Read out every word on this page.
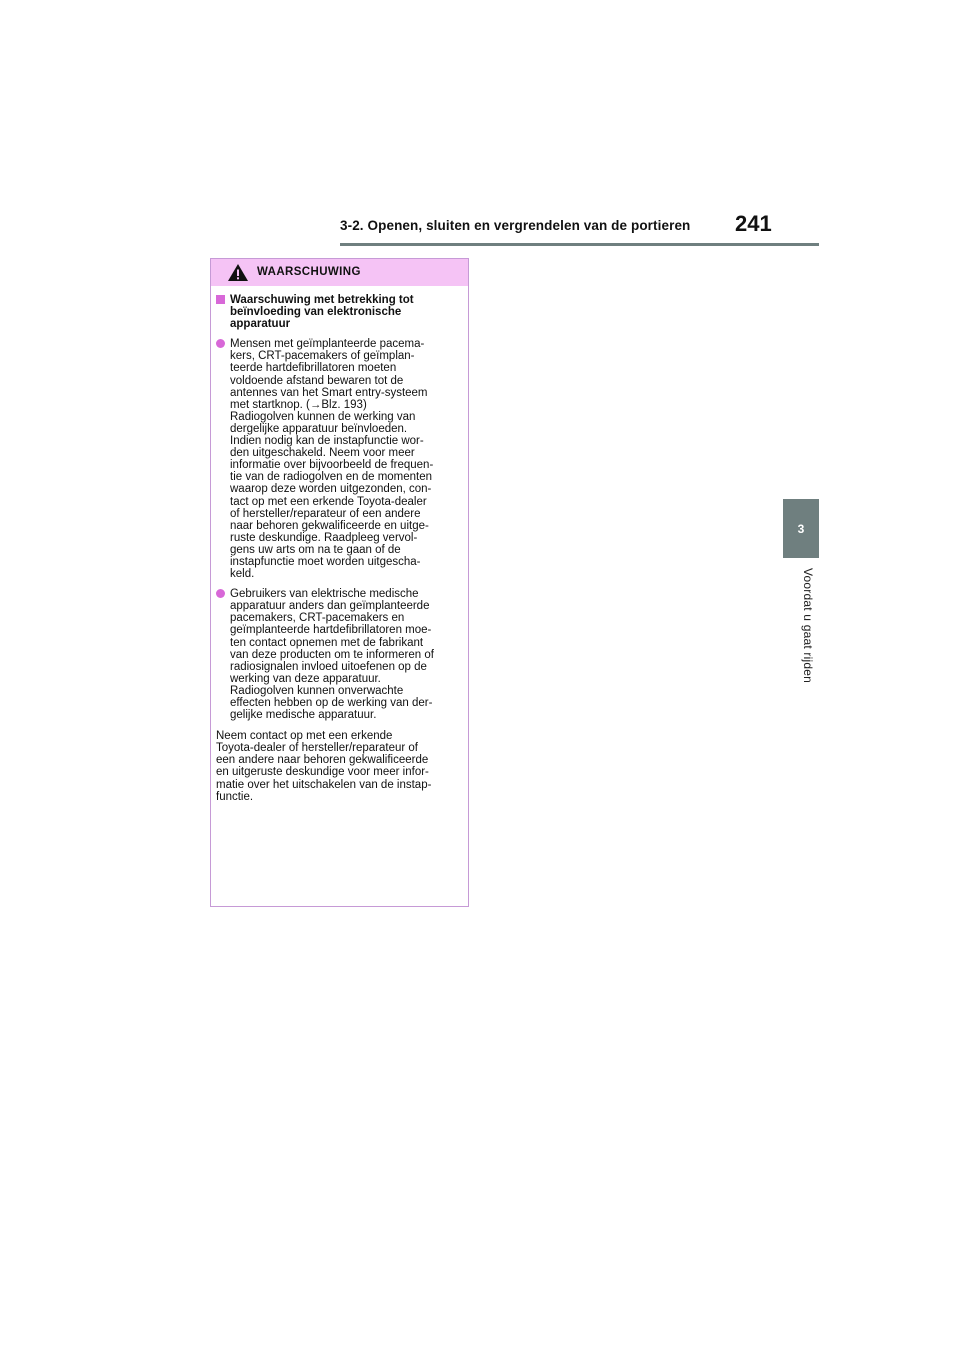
3-2. Openen, sluiten en vergrendelen van de portieren 241
3
Voordat u gaat rijden
WAARSCHUWING
Waarschuwing met betrekking tot
beïnvloeding van elektronische
apparatuur
Mensen met geïmplanteerde pacema-
kers, CRT-pacemakers of geïmplan-
teerde hartdefibrillatoren moeten
voldoende afstand bewaren tot de
antennes van het Smart entry-systeem
met startknop. (→Blz. 193)
Radiogolven kunnen de werking van
dergelijke apparatuur beïnvloeden.
Indien nodig kan de instapfunctie wor-
den uitgeschakeld. Neem voor meer
informatie over bijvoorbeeld de frequen-
tie van de radiogolven en de momenten
waarop deze worden uitgezonden, con-
tact op met een erkende Toyota-dealer
of hersteller/reparateur of een andere
naar behoren gekwalificeerde en uitge-
ruste deskundige. Raadpleeg vervol-
gens uw arts om na te gaan of de
instapfunctie moet worden uitgescha-
keld.
Gebruikers van elektrische medische
apparatuur anders dan geïmplanteerde
pacemakers, CRT-pacemakers en
geïmplanteerde hartdefibrillatoren moe-
ten contact opnemen met de fabrikant
van deze producten om te informeren of
radiosignalen invloed uitoefenen op de
werking van deze apparatuur.
Radiogolven kunnen onverwachte
effecten hebben op de werking van der-
gelijke medische apparatuur.
Neem contact op met een erkende
Toyota-dealer of hersteller/reparateur of
een andere naar behoren gekwalificeerde
en uitgeruste deskundige voor meer infor-
matie over het uitschakelen van de instap-
functie.
